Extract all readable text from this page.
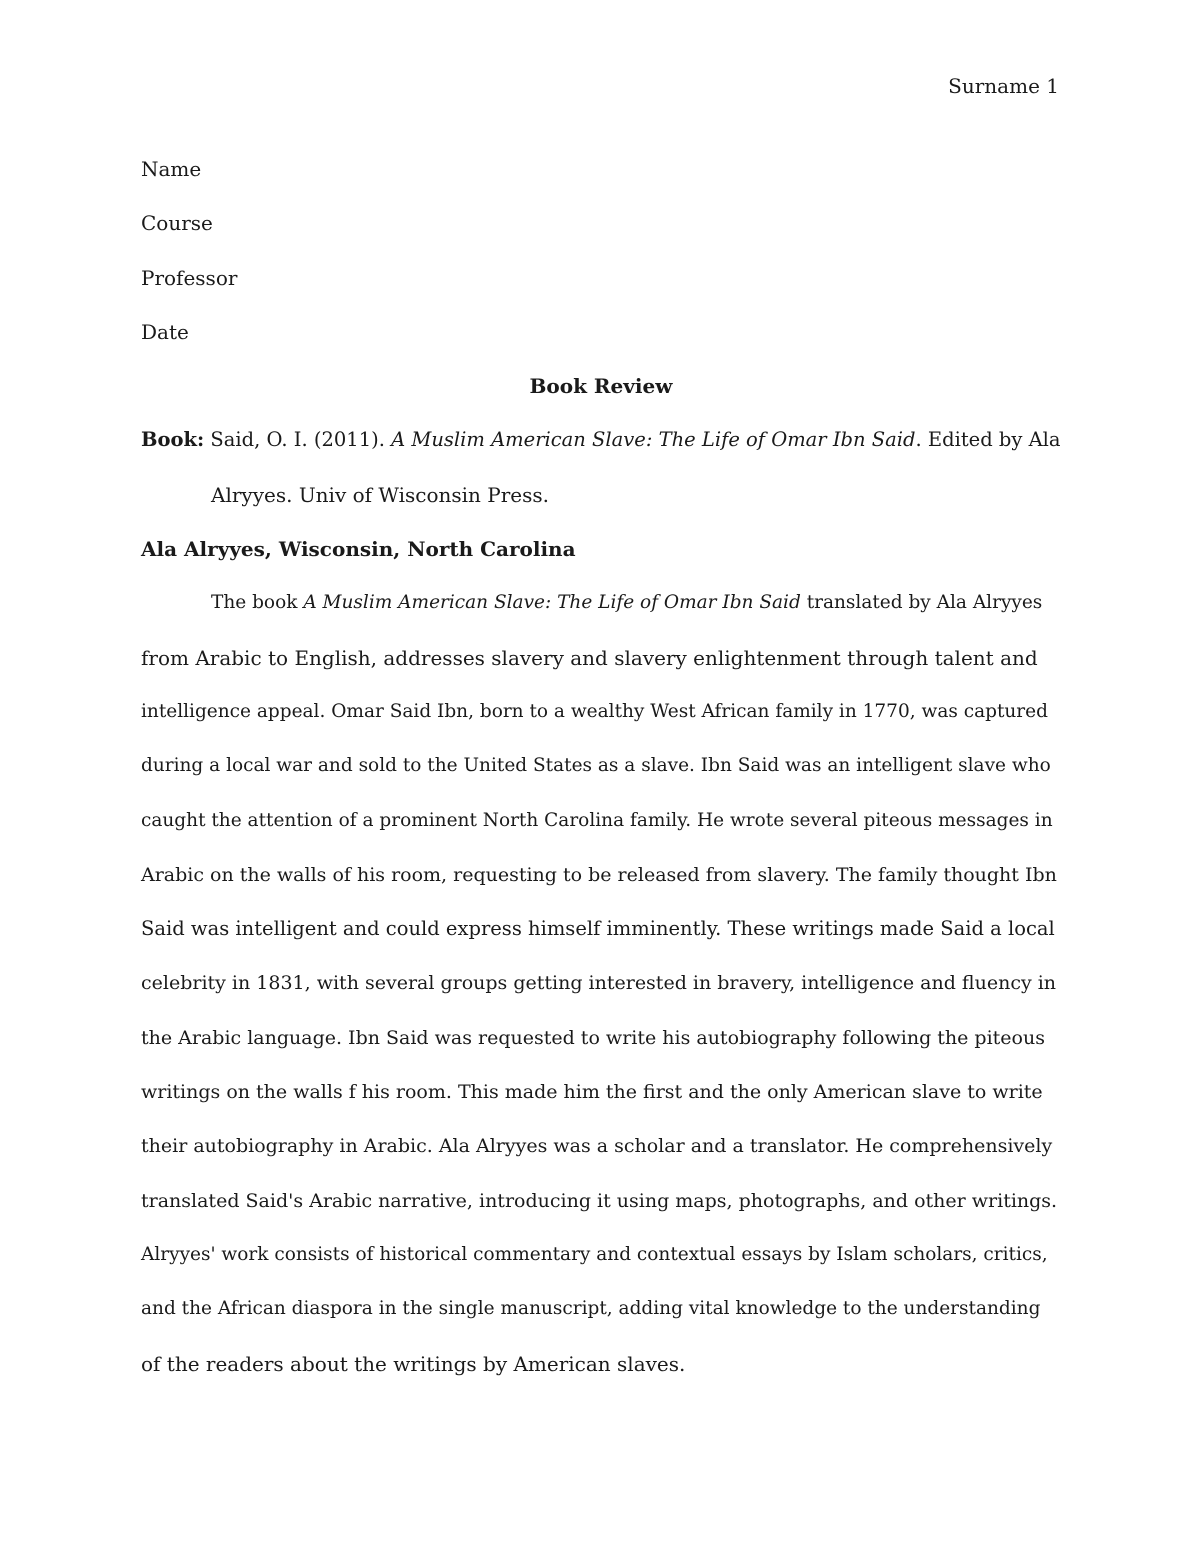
Surname 1

Name

Course

Professor

Date

Book Review

Book: Said, O. I. (2011). A Muslim American Slave: The Life of Omar Ibn Said. Edited by Ala

Alryyes. Univ of Wisconsin Press.

Ala Alryyes, Wisconsin, North Carolina

The book A Muslim American Slave: The Life of Omar Ibn Said translated by Ala Alryyes

from Arabic to English, addresses slavery and slavery enlightenment through talent and

intelligence appeal. Omar Said Ibn, born to a wealthy West African family in 1770, was captured

during a local war and sold to the United States as a slave. Ibn Said was an intelligent slave who

caught the attention of a prominent North Carolina family. He wrote several piteous messages in

Arabic on the walls of his room, requesting to be released from slavery. The family thought Ibn

Said was intelligent and could express himself imminently. These writings made Said a local

celebrity in 1831, with several groups getting interested in bravery, intelligence and fluency in

the Arabic language. Ibn Said was requested to write his autobiography following the piteous

writings on the walls f his room. This made him the first and the only American slave to write

their autobiography in Arabic. Ala Alryyes was a scholar and a translator. He comprehensively

translated Said's Arabic narrative, introducing it using maps, photographs, and other writings.

Alryyes' work consists of historical commentary and contextual essays by Islam scholars, critics,

and the African diaspora in the single manuscript, adding vital knowledge to the understanding

of the readers about the writings by American slaves.
